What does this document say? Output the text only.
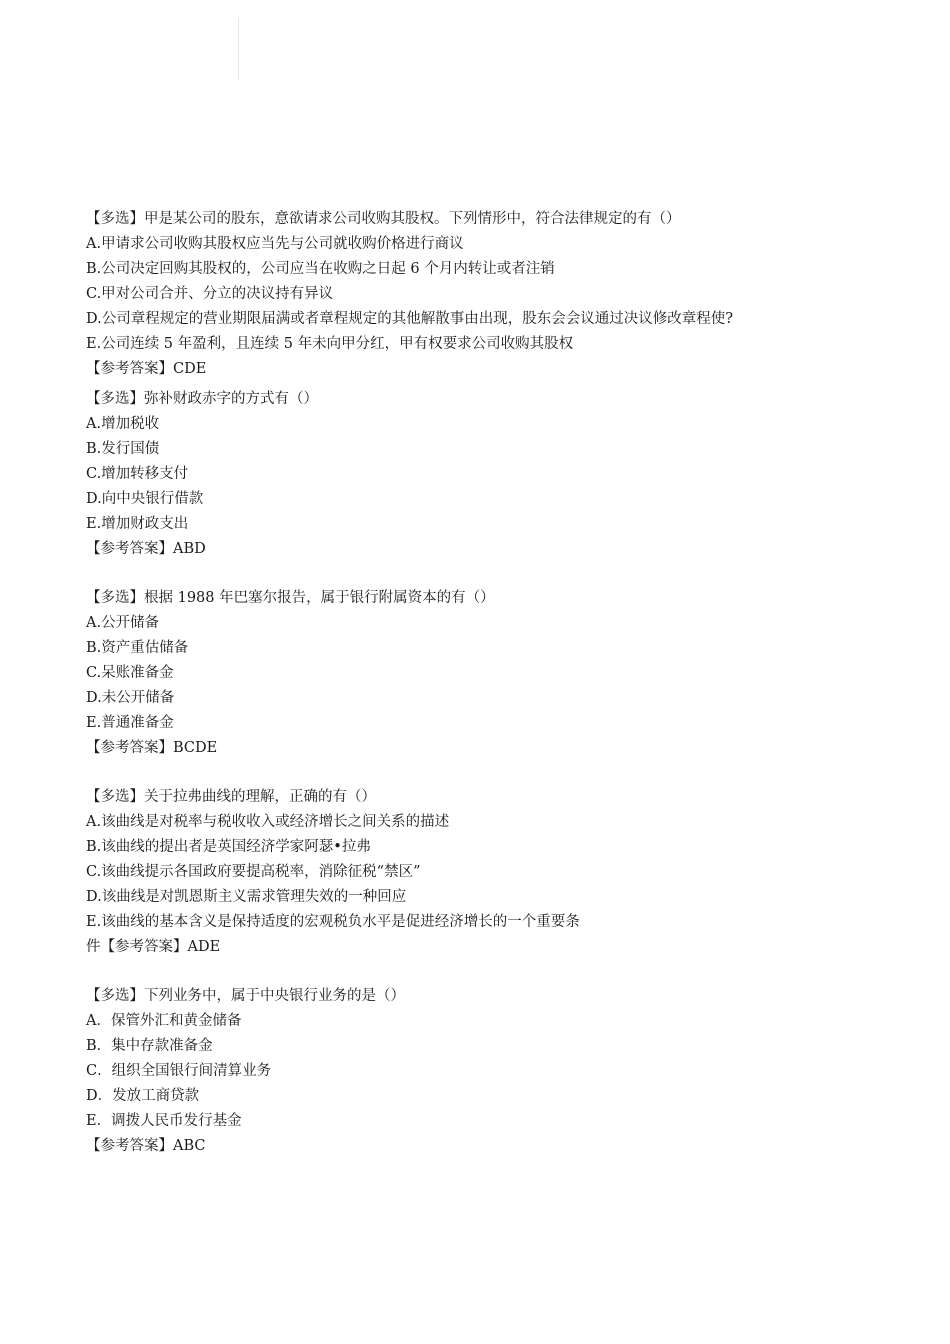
【多选】甲是某公司的股东，意欲请求公司收购其股权。下列情形中，符合法律规定的有（）

A.甲请求公司收购其股权应当先与公司就收购价格进行商议

B.公司决定回购其股权的，公司应当在收购之日起 6 个月内转让或者注销

C.甲对公司合并、分立的决议持有异议

D.公司章程规定的营业期限届满或者章程规定的其他解散事由出现，股东会会议通过决议修改章程使?

E.公司连续 5 年盈利，且连续 5 年未向甲分红，甲有权要求公司收购其股权

【参考答案】CDE

【多选】弥补财政赤字的方式有（）

A.增加税收

B.发行国债

C.增加转移支付

D.向中央银行借款

E.增加财政支出

【参考答案】ABD

【多选】根据 1988 年巴塞尔报告，属于银行附属资本的有（）

A.公开储备

B.资产重估储备

C.呆账准备金

D.未公开储备

E.普通准备金

【参考答案】BCDE

【多选】关于拉弗曲线的理解，正确的有（）

A.该曲线是对税率与税收收入或经济增长之间关系的描述

B.该曲线的提出者是英国经济学家阿瑟•拉弗

C.该曲线提示各国政府要提高税率，消除征税“禁区”

D.该曲线是对凯恩斯主义需求管理失效的一种回应

E.该曲线的基本含义是保持适度的宏观税负水平是促进经济增长的一个重要条

件【参考答案】ADE

【多选】下列业务中，属于中央银行业务的是（）

A．保管外汇和黄金储备

B．集中存款准备金

C．组织全国银行间清算业务

D．发放工商贷款

E．调拨人民币发行基金

【参考答案】ABC
